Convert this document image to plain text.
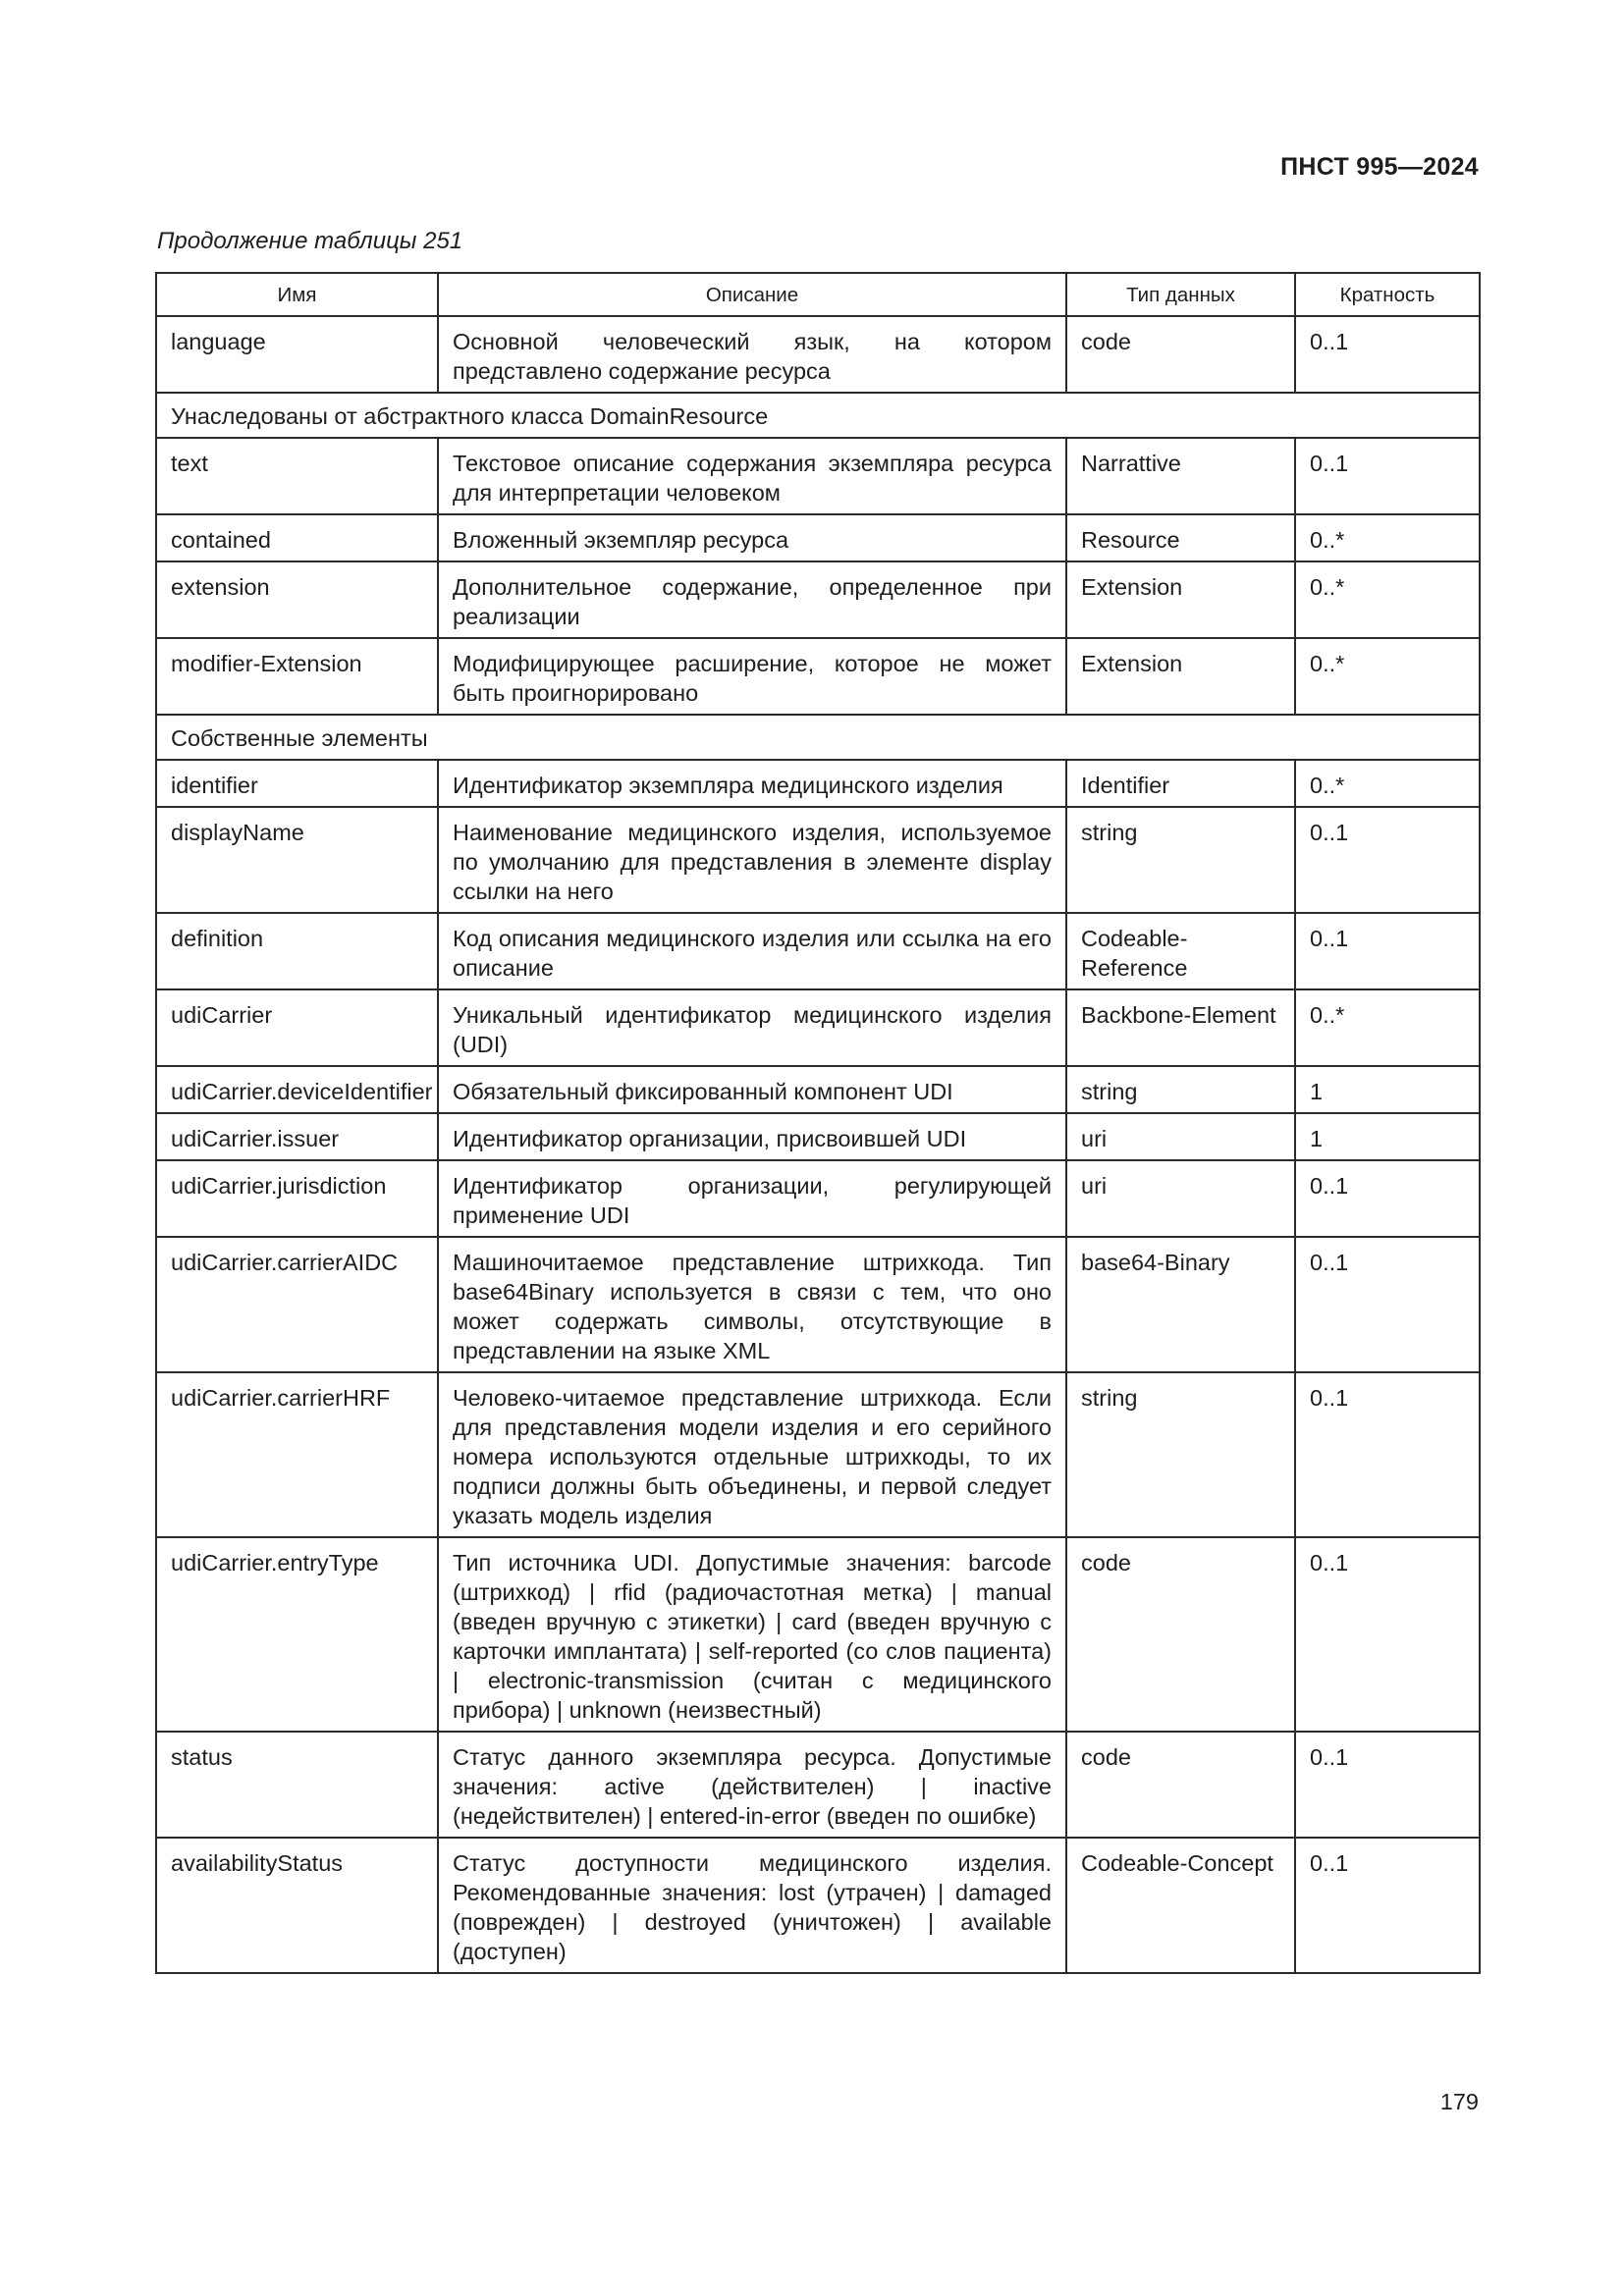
ПНСТ 995—2024
Продолжение таблицы 251
Имя	Описание	Тип данных	Кратность
language	Основной человеческий язык, на котором представлено содержание ресурса	code	0..1
Унаследованы от абстрактного класса DomainResource			
text	Текстовое описание содержания экземпляра ресурса для интерпретации человеком	Narrattive	0..1
contained	Вложенный экземпляр ресурса	Resource	0..*
extension	Дополнительное содержание, определенное при реализации	Extension	0..*
modifier-Extension	Модифицирующее расширение, которое не может быть проигнорировано	Extension	0..*
Собственные элементы			
identifier	Идентификатор экземпляра медицинского изделия	Identifier	0..*
displayName	Наименование медицинского изделия, используемое по умолчанию для представления в элементе display ссылки на него	string	0..1
definition	Код описания медицинского изделия или ссылка на его описание	Codeable-Reference	0..1
udiCarrier	Уникальный идентификатор медицинского изделия (UDI)	Backbone-Element	0..*
udiCarrier.deviceIdentifier	Обязательный фиксированный компонент UDI	string	1
udiCarrier.issuer	Идентификатор организации, присвоившей UDI	uri	1
udiCarrier.jurisdiction	Идентификатор организации, регулирующей применение UDI	uri	0..1
udiCarrier.carrierAIDC	Машиночитаемое представление штрихкода. Тип base64Binary используется в связи с тем, что оно может содержать символы, отсутствующие в представлении на языке XML	base64-Binary	0..1
udiCarrier.carrierHRF	Человеко-читаемое представление штрихкода. Если для представления модели изделия и его серийного номера используются отдельные штрихкоды, то их подписи должны быть объединены, и первой следует указать модель изделия	string	0..1
udiCarrier.entryType	Тип источника UDI. Допустимые значения: barcode (штрихкод) | rfid (радиочастотная метка) | manual (введен вручную с этикетки) | card (введен вручную с карточки имплантата) | self-reported (со слов пациента) | electronic-transmission (считан с медицинского прибора) | unknown (неизвестный)	code	0..1
status	Статус данного экземпляра ресурса. Допустимые значения: active (действителен) | inactive (недействителен) | entered-in-error (введен по ошибке)	code	0..1
availabilityStatus	Статус доступности медицинского изделия. Рекомендованные значения: lost (утрачен) | damaged (поврежден) | destroyed (уничтожен) | available (доступен)	Codeable-Concept	0..1
179
